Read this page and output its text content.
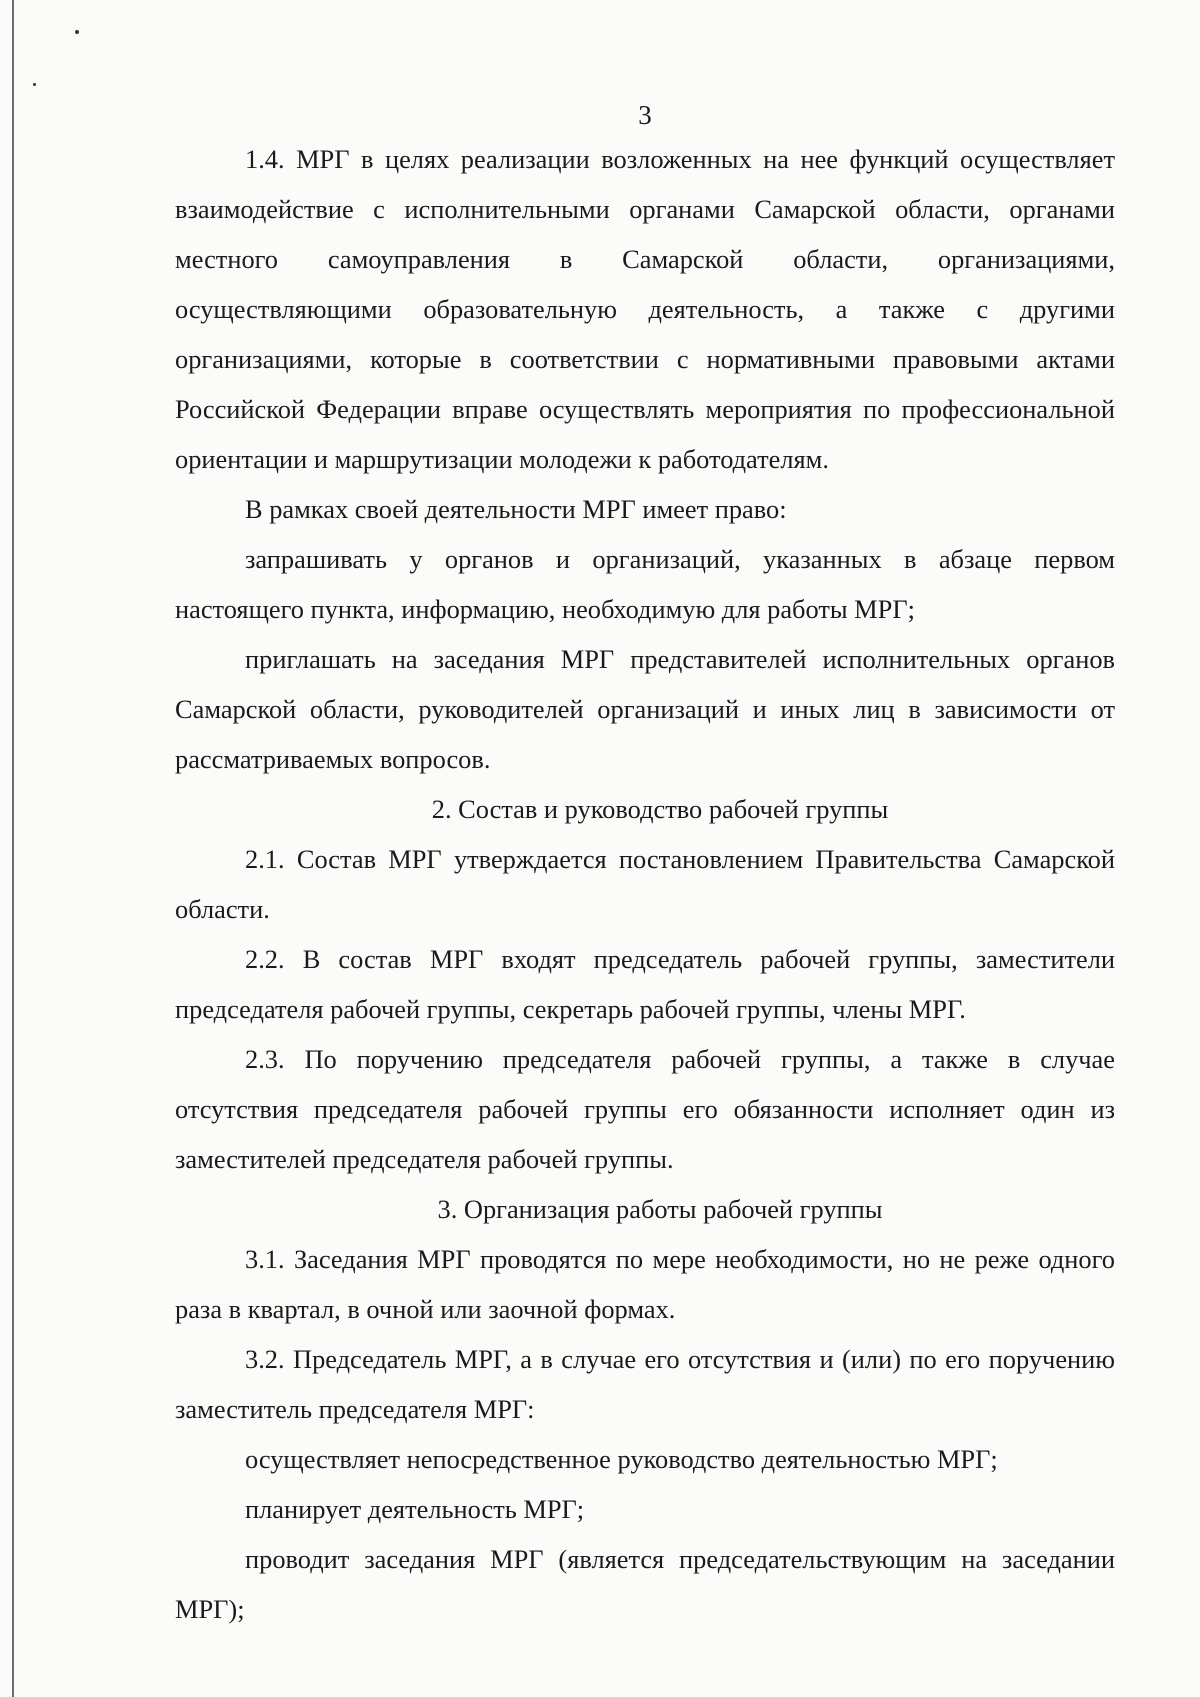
3

1.4. МРГ в целях реализации возложенных на нее функций осуществляет взаимодействие с исполнительными органами Самарской области, органами местного самоуправления в Самарской области, организациями, осуществляющими образовательную деятельность, а также с другими организациями, которые в соответствии с нормативными правовыми актами Российской Федерации вправе осуществлять мероприятия по профессиональной ориентации и маршрутизации молодежи к работодателям.

В рамках своей деятельности МРГ имеет право:

запрашивать у органов и организаций, указанных в абзаце первом настоящего пункта, информацию, необходимую для работы МРГ;

приглашать на заседания МРГ представителей исполнительных органов Самарской области, руководителей организаций и иных лиц в зависимости от рассматриваемых вопросов.

2. Состав и руководство рабочей группы

2.1. Состав МРГ утверждается постановлением Правительства Самарской области.

2.2. В состав МРГ входят председатель рабочей группы, заместители председателя рабочей группы, секретарь рабочей группы, члены МРГ.

2.3. По поручению председателя рабочей группы, а также в случае отсутствия председателя рабочей группы его обязанности исполняет один из заместителей председателя рабочей группы.

3. Организация работы рабочей группы

3.1. Заседания МРГ проводятся по мере необходимости, но не реже одного раза в квартал, в очной или заочной формах.

3.2. Председатель МРГ, а в случае его отсутствия и (или) по его поручению заместитель председателя МРГ:

осуществляет непосредственное руководство деятельностью МРГ;

планирует деятельность МРГ;

проводит заседания МРГ (является председательствующим на заседании МРГ);
